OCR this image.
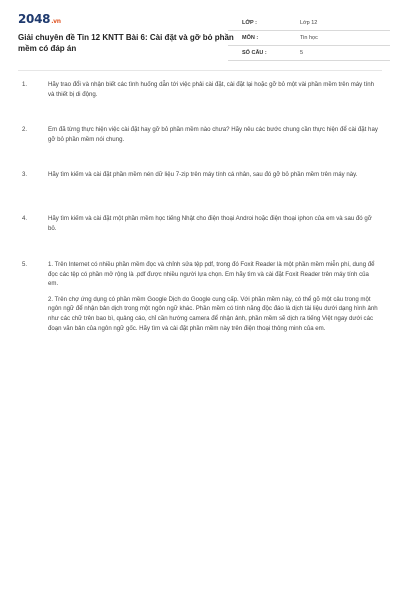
2048.vn
Giải chuyên đề Tin 12 KNTT Bài 6: Cài đặt và gỡ bỏ phần mềm có đáp án
LỚP :	Lớp 12
MÔN :	Tin học
SỐ CÂU :	5
1.	Hãy trao đổi và nhận biết các tình huống dẫn tới việc phải cài đặt, cài đặt lại hoặc gỡ bỏ một vài phần mềm trên máy tính và thiết bị di động.

2.	Em đã từng thực hiện việc cài đặt hay gỡ bỏ phần mềm nào chưa? Hãy nêu các bước chung cần thực hiện để cài đặt hay gỡ bỏ phần mềm nói chung.

3.	Hãy tìm kiếm và cài đặt phần mềm nén dữ liệu 7-zip trên máy tính cá nhân, sau đó gỡ bỏ phần mềm trên máy này.

4.	Hãy tìm kiếm và cài đặt một phần mềm học tiếng Nhật cho điện thoại Androi hoặc điện thoại iphon của em và sau đó gỡ bỏ.

5.	1. Trên Internet có nhiều phần mềm đọc và chỉnh sửa tệp pdf, trong đó Foxit Reader là một phần mềm miễn phí, dung để đọc các tệp có phần mở rộng là .pdf được nhiều người lựa chọn. Em hãy tìm và cài đặt Foxit Reader trên máy tính của em.

2. Trên chợ ứng dụng có phần mềm Google Dịch do Google cung cấp. Với phần mềm này, có thể gõ một câu trong một ngôn ngữ để nhận bản dịch trong một ngôn ngữ khác. Phần mềm có tính năng độc đáo là dịch tài liệu dưới dạng hình ảnh như các chữ trên bao bì, quảng cáo, chỉ cần hướng camera để nhận ảnh, phần mềm sẽ dịch ra tiếng Việt ngay dưới các đoạn văn bản của ngôn ngữ gốc. Hãy tìm và cài đặt phần mềm này trên điện thoại thông minh của em.
